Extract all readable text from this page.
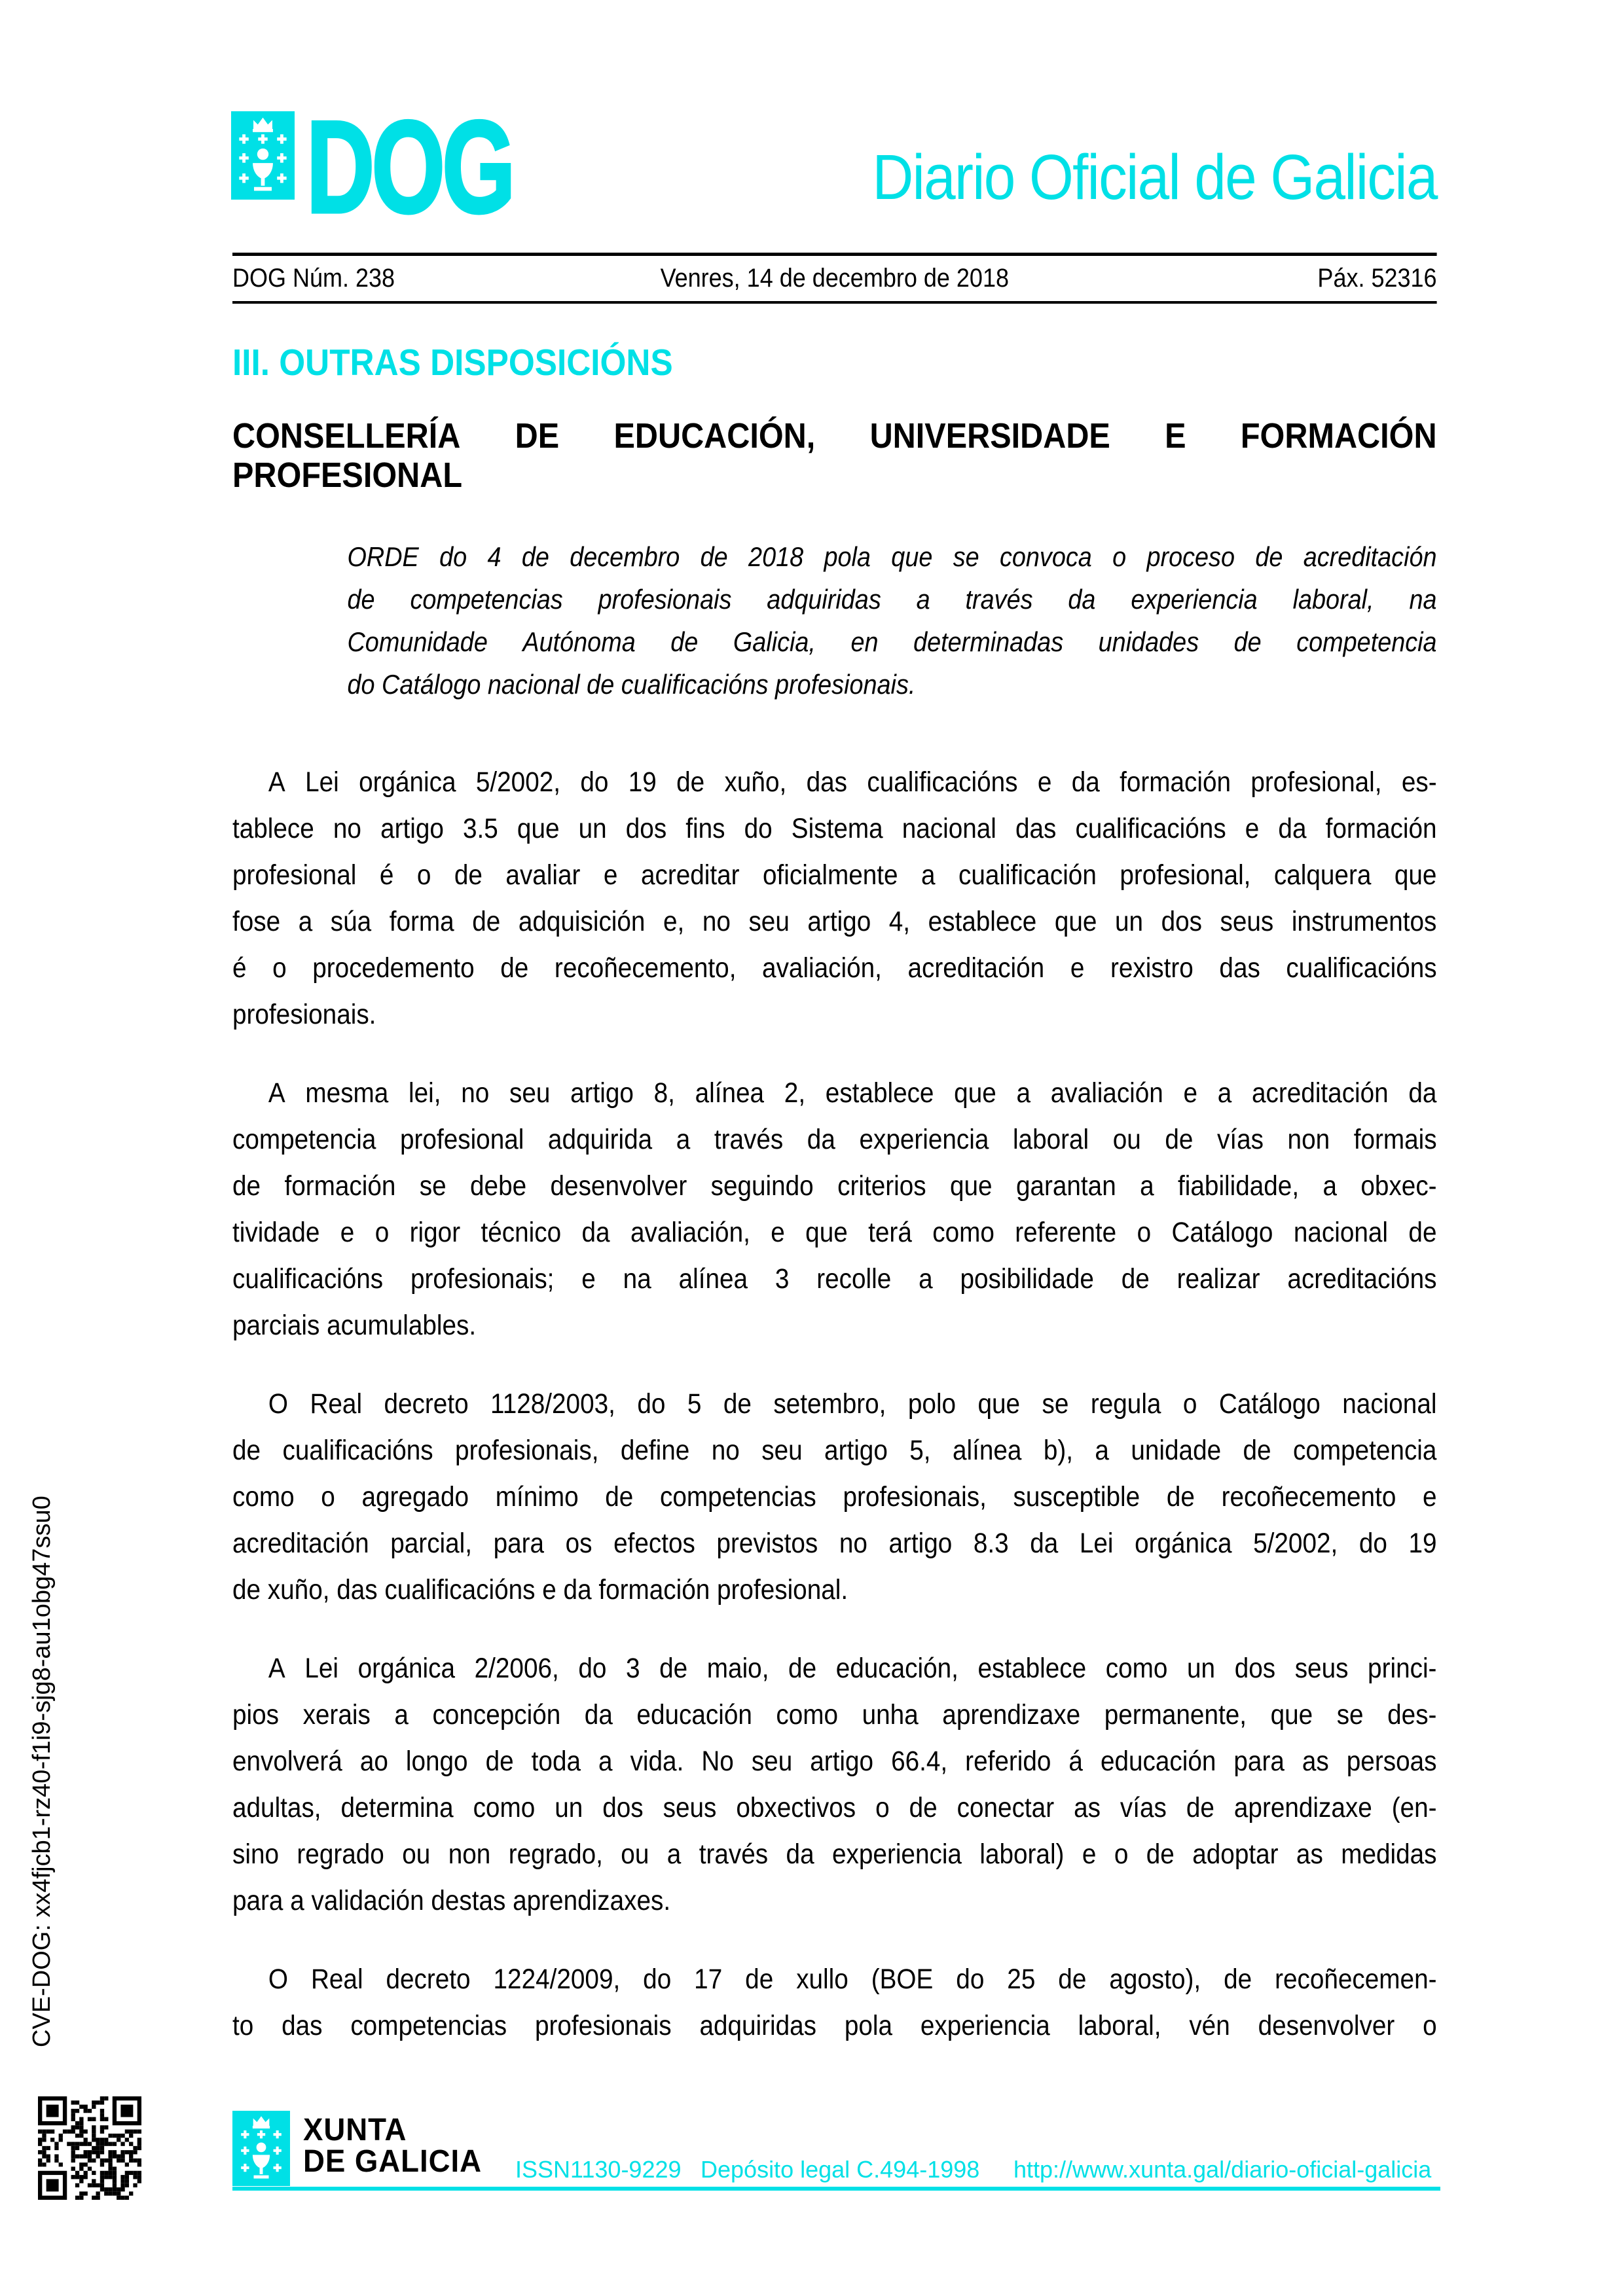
DOG	Diario Oficial de Galicia
DOG Núm. 238	Venres, 14 de decembro de 2018	Páx. 52316
III. OUTRAS DISPOSICIÓNS
CONSELLERÍA DE EDUCACIÓN, UNIVERSIDADE E FORMACIÓN
PROFESIONAL
ORDE do 4 de decembro de 2018 pola que se convoca o proceso de acreditación
de competencias profesionais adquiridas a través da experiencia laboral, na
Comunidade Autónoma de Galicia, en determinadas unidades de competencia
do Catálogo nacional de cualificacións profesionais.
A Lei orgánica 5/2002, do 19 de xuño, das cualificacións e da formación profesional, es-
tablece no artigo 3.5 que un dos fins do Sistema nacional das cualificacións e da formación
profesional é o de avaliar e acreditar oficialmente a cualificación profesional, calquera que
fose a súa forma de adquisición e, no seu artigo 4, establece que un dos seus instrumentos
é o procedemento de recoñecemento, avaliación, acreditación e rexistro das cualificacións
profesionais.
A mesma lei, no seu artigo 8, alínea 2, establece que a avaliación e a acreditación da
competencia profesional adquirida a través da experiencia laboral ou de vías non formais
de formación se debe desenvolver seguindo criterios que garantan a fiabilidade, a obxec-
tividade e o rigor técnico da avaliación, e que terá como referente o Catálogo nacional de
cualificacións profesionais; e na alínea 3 recolle a posibilidade de realizar acreditacións
parciais acumulables.
O Real decreto 1128/2003, do 5 de setembro, polo que se regula o Catálogo nacional
de cualificacións profesionais, define no seu artigo 5, alínea b), a unidade de competencia
como o agregado mínimo de competencias profesionais, susceptible de recoñecemento e
acreditación parcial, para os efectos previstos no artigo 8.3 da Lei orgánica 5/2002, do 19
de xuño, das cualificacións e da formación profesional.
A Lei orgánica 2/2006, do 3 de maio, de educación, establece como un dos seus princi-
pios xerais a concepción da educación como unha aprendizaxe permanente, que se des-
envolverá ao longo de toda a vida. No seu artigo 66.4, referido á educación para as persoas
adultas, determina como un dos seus obxectivos o de conectar as vías de aprendizaxe (en-
sino regrado ou non regrado, ou a través da experiencia laboral) e o de adoptar as medidas
para a validación destas aprendizaxes.
O Real decreto 1224/2009, do 17 de xullo (BOE do 25 de agosto), de recoñecemen-
to das competencias profesionais adquiridas pola experiencia laboral, vén desenvolver o
XUNTA
DE GALICIA ISSN1130-9229 Depósito legal C.494-1998 http://www.xunta.gal/diario-oficial-galicia
CVE-DOG: xx4fjcb1-rz40-f1i9-sjg8-au1obg47ssu0
